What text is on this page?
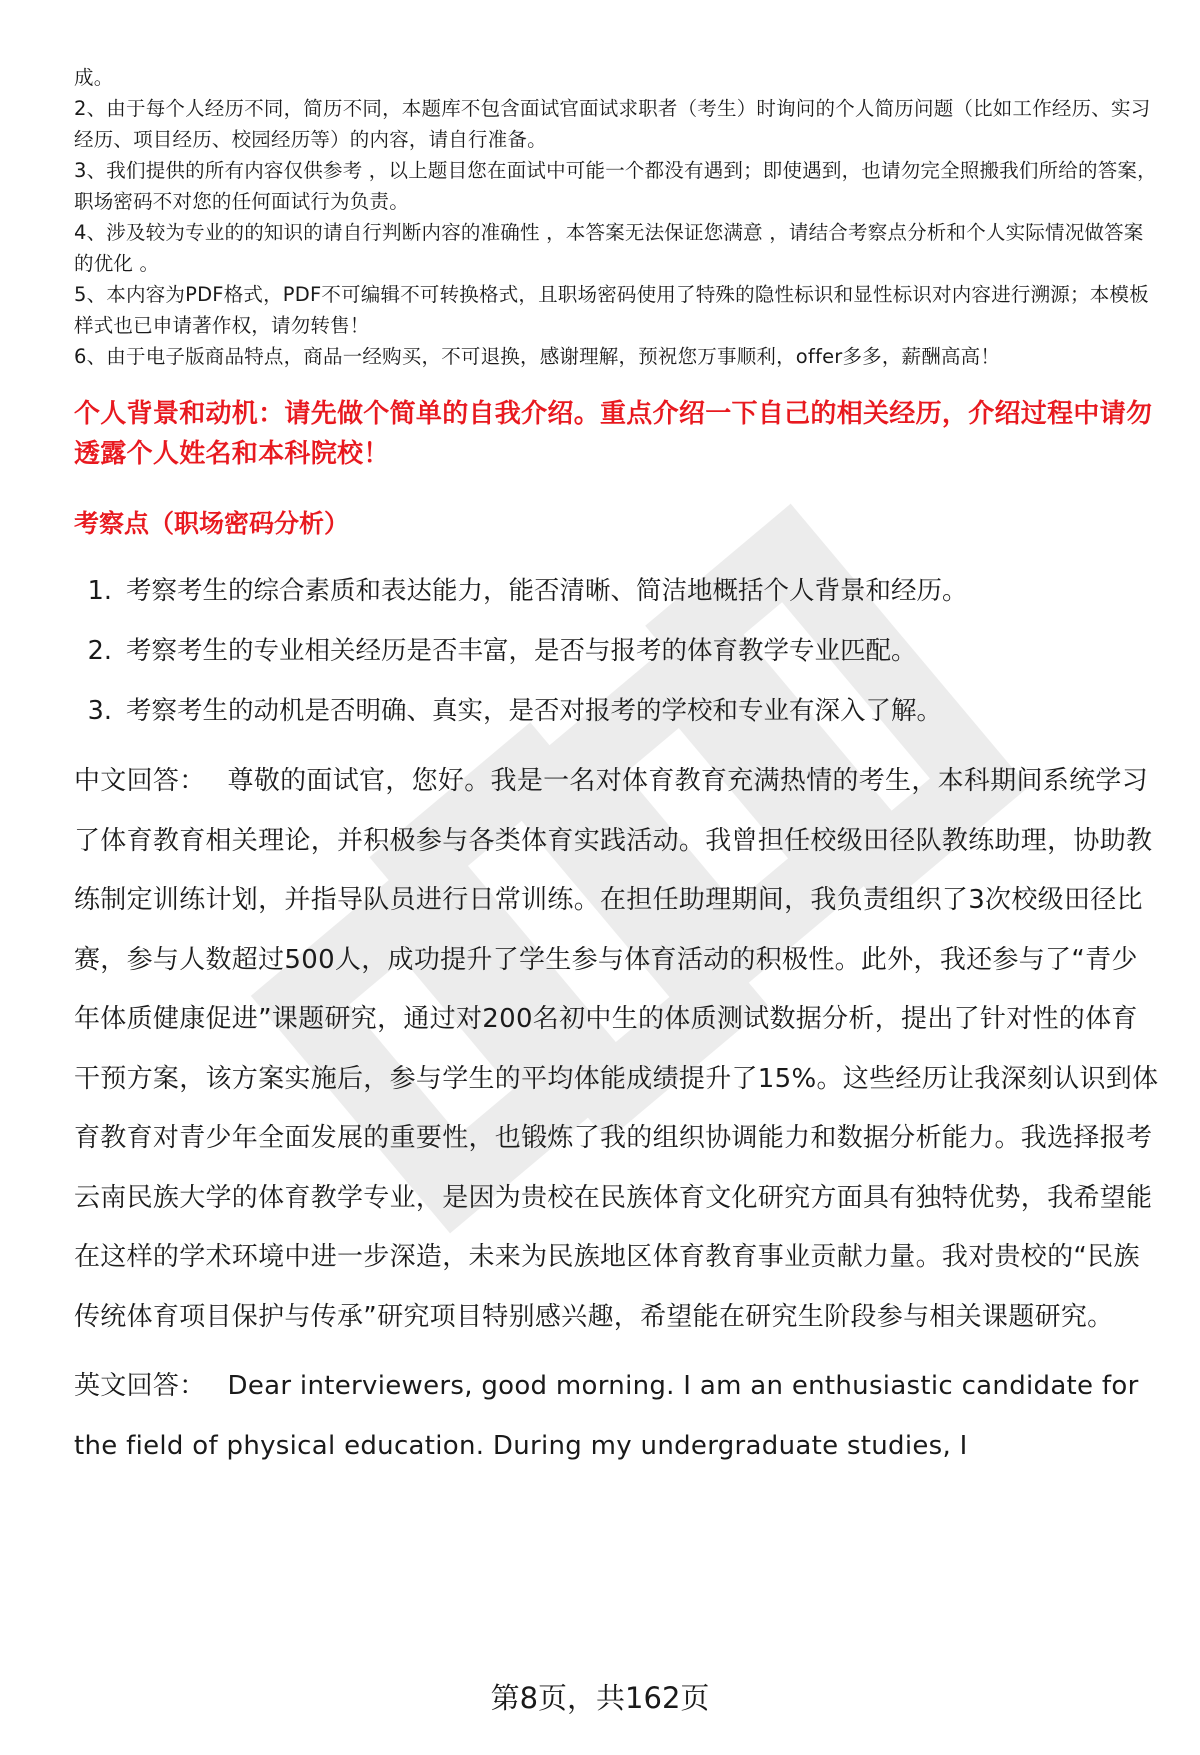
成。

2、由于每个人经历不同，简历不同，本题库不包含面试官面试求职者（考生）时询问的个人简历问题（比如工作经历、实习经历、项目经历、校园经历等）的内容，请自行准备。

3、我们提供的所有内容仅供参考 ，以上题目您在面试中可能一个都没有遇到；即使遇到，也请勿完全照搬我们所给的答案，职场密码不对您的任何面试行为负责。

4、涉及较为专业的的知识的请自行判断内容的准确性 ，本答案无法保证您满意 ，请结合考察点分析和个人实际情况做答案的优化 。

5、本内容为PDF格式，PDF不可编辑不可转换格式，且职场密码使用了特殊的隐性标识和显性标识对内容进行溯源；本模板样式也已申请著作权，请勿转售！

6、由于电子版商品特点，商品一经购买，不可退换，感谢理解，预祝您万事顺利，offer多多，薪酬高高！

个人背景和动机：请先做个简单的自我介绍。重点介绍一下自己的相关经历，介绍过程中请勿透露个人姓名和本科院校！
考察点（职场密码分析）
1. 考察考生的综合素质和表达能力，能否清晰、简洁地概括个人背景和经历。
2. 考察考生的专业相关经历是否丰富，是否与报考的体育教学专业匹配。
3. 考察考生的动机是否明确、真实，是否对报考的学校和专业有深入了解。

中文回答： 尊敬的面试官，您好。我是一名对体育教育充满热情的考生，本科期间系统学习了体育教育相关理论，并积极参与各类体育实践活动。我曾担任校级田径队教练助理，协助教练制定训练计划，并指导队员进行日常训练。在担任助理期间，我负责组织了3次校级田径比赛，参与人数超过500人，成功提升了学生参与体育活动的积极性。此外，我还参与了“青少年体质健康促进”课题研究，通过对200名初中生的体质测试数据分析，提出了针对性的体育干预方案，该方案实施后，参与学生的平均体能成绩提升了15%。这些经历让我深刻认识到体育教育对青少年全面发展的重要性，也锻炼了我的组织协调能力和数据分析能力。我选择报考云南民族大学的体育教学专业，是因为贵校在民族体育文化研究方面具有独特优势，我希望能在这样的学术环境中进一步深造，未来为民族地区体育教育事业贡献力量。我对贵校的“民族传统体育项目保护与传承”研究项目特别感兴趣，希望能在研究生阶段参与相关课题研究。

英文回答： Dear interviewers, good morning. I am an enthusiastic candidate for the field of physical education. During my undergraduate studies, I

第8页，共162页
